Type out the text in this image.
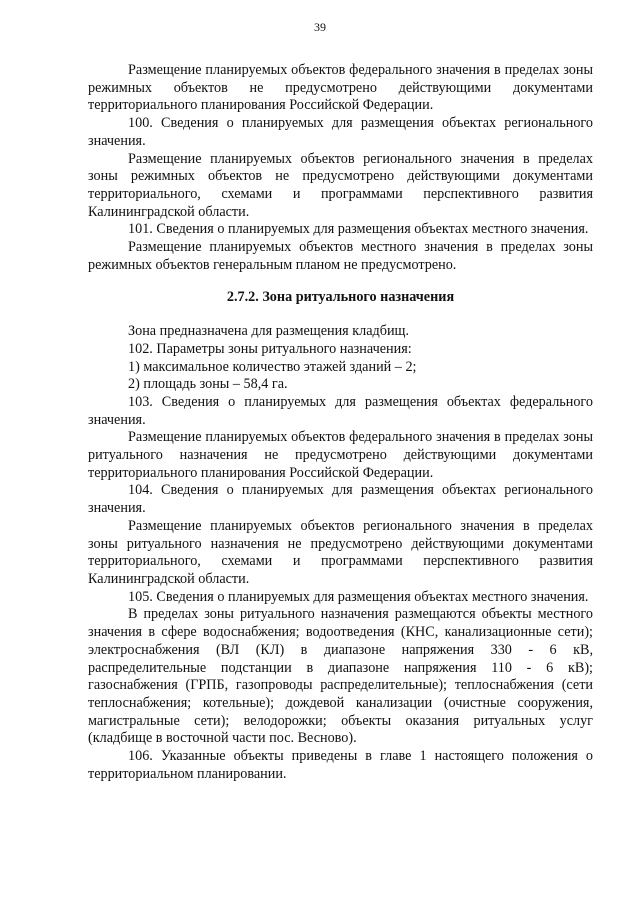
39

Размещение планируемых объектов федерального значения в пределах зоны режимных объектов не предусмотрено действующими документами территориального планирования Российской Федерации.

100. Сведения о планируемых для размещения объектах регионального значения.

Размещение планируемых объектов регионального значения в пределах зоны режимных объектов не предусмотрено действующими документами территориального, схемами и программами перспективного развития Калининградской области.

101. Сведения о планируемых для размещения объектах местного значения.

Размещение планируемых объектов местного значения в пределах зоны режимных объектов генеральным планом не предусмотрено.

2.7.2. Зона ритуального назначения

Зона предназначена для размещения кладбищ.

102. Параметры зоны ритуального назначения:

1) максимальное количество этажей зданий – 2;

2) площадь зоны – 58,4 га.

103. Сведения о планируемых для размещения объектах федерального значения.

Размещение планируемых объектов федерального значения в пределах зоны ритуального назначения не предусмотрено действующими документами территориального планирования Российской Федерации.

104. Сведения о планируемых для размещения объектах регионального значения.

Размещение планируемых объектов регионального значения в пределах зоны ритуального назначения не предусмотрено действующими документами территориального, схемами и программами перспективного развития Калининградской области.

105. Сведения о планируемых для размещения объектах местного значения.

В пределах зоны ритуального назначения размещаются объекты местного значения в сфере водоснабжения; водоотведения (КНС, канализационные сети); электроснабжения (ВЛ (КЛ) в диапазоне напряжения 330 - 6 кВ, распределительные подстанции в диапазоне напряжения 110 - 6 кВ); газоснабжения (ГРПБ, газопроводы распределительные); теплоснабжения (сети теплоснабжения; котельные); дождевой канализации (очистные сооружения, магистральные сети); велодорожки; объекты оказания ритуальных услуг (кладбище в восточной части пос. Весново).

106. Указанные объекты приведены в главе 1 настоящего положения о территориальном планировании.
